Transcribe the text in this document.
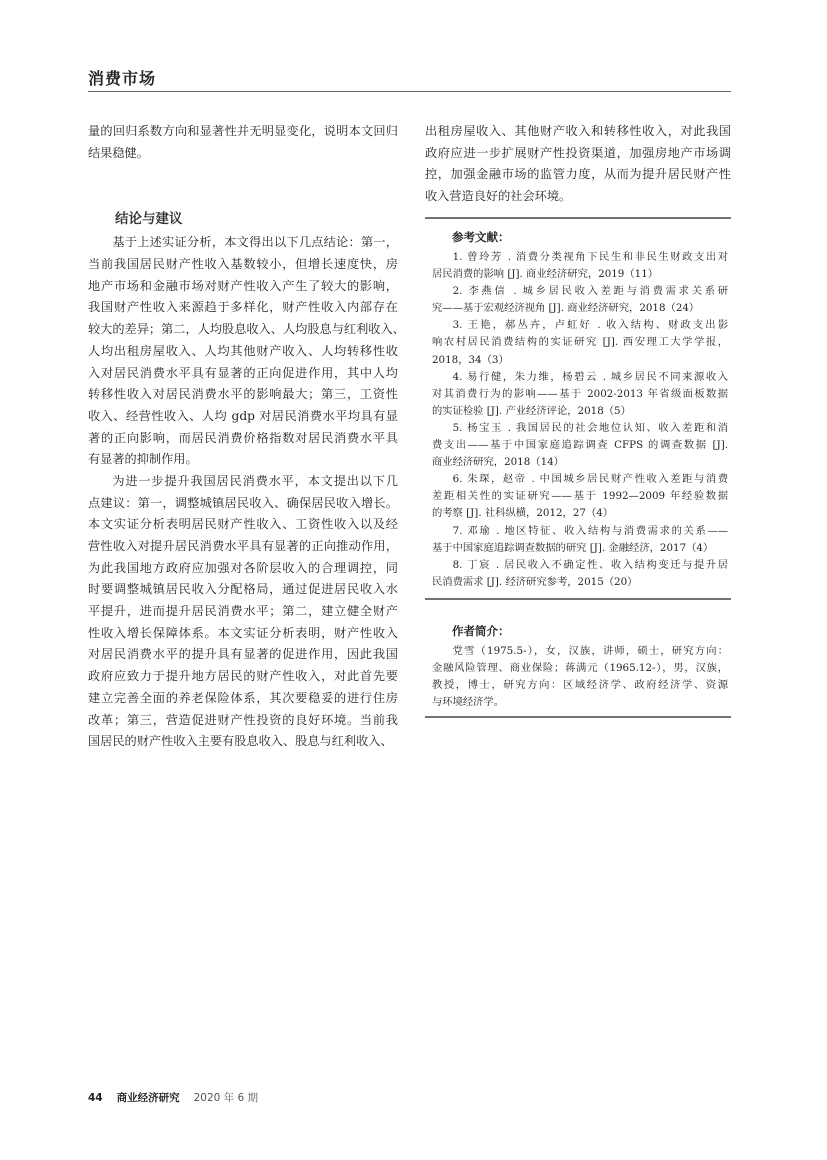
消费市场
量的回归系数方向和显著性并无明显变化，说明本文回归
结果稳健。
结论与建议
基于上述实证分析，本文得出以下几点结论：第一，
当前我国居民财产性收入基数较小，但增长速度快，房
地产市场和金融市场对财产性收入产生了较大的影响，
我国财产性收入来源趋于多样化，财产性收入内部存在
较大的差异；第二，人均股息收入、人均股息与红利收入、
人均出租房屋收入、人均其他财产收入、人均转移性收
入对居民消费水平具有显著的正向促进作用，其中人均
转移性收入对居民消费水平的影响最大；第三，工资性
收入、经营性收入、人均 gdp 对居民消费水平均具有显
著的正向影响，而居民消费价格指数对居民消费水平具
有显著的抑制作用。
为进一步提升我国居民消费水平，本文提出以下几
点建议：第一，调整城镇居民收入、确保居民收入增长。
本文实证分析表明居民财产性收入、工资性收入以及经
营性收入对提升居民消费水平具有显著的正向推动作用，
为此我国地方政府应加强对各阶层收入的合理调控，同
时要调整城镇居民收入分配格局，通过促进居民收入水
平提升，进而提升居民消费水平；第二，建立健全财产
性收入增长保障体系。本文实证分析表明，财产性收入
对居民消费水平的提升具有显著的促进作用，因此我国
政府应致力于提升地方居民的财产性收入，对此首先要
建立完善全面的养老保险体系，其次要稳妥的进行住房
改革；第三，营造促进财产性投资的良好环境。当前我
国居民的财产性收入主要有股息收入、股息与红利收入、
出租房屋收入、其他财产收入和转移性收入，对此我国
政府应进一步扩展财产性投资渠道，加强房地产市场调
控，加强金融市场的监管力度，从而为提升居民财产性
收入营造良好的社会环境。
参考文献：
1. 曾玲芳 . 消费分类视角下民生和非民生财政支出对
居民消费的影响 [J]. 商业经济研究，2019（11）
2. 李燕信 . 城乡居民收入差距与消费需求关系研
究——基于宏观经济视角 [J]. 商业经济研究，2018（24）
3. 王艳，郝丛卉，卢虹好 . 收入结构、财政支出影
响农村居民消费结构的实证研究 [J]. 西安理工大学学报，
2018，34（3）
4. 易行健，朱力维，杨碧云 . 城乡居民不同来源收入
对其消费行为的影响——基于 2002-2013 年省级面板数据
的实证检验 [J]. 产业经济评论，2018（5）
5. 杨宝玉 . 我国居民的社会地位认知、收入差距和消
费支出——基于中国家庭追踪调查 CFPS 的调查数据 [J].
商业经济研究，2018（14）
6. 朱琛，赵帝 . 中国城乡居民财产性收入差距与消费
差距相关性的实证研究——基于 1992—2009 年经验数据
的考察 [J]. 社科纵横，2012，27（4）
7. 邓瑜 . 地区特征、收入结构与消费需求的关系——
基于中国家庭追踪调查数据的研究 [J]. 金融经济，2017（4）
8. 丁宸 . 居民收入不确定性、收入结构变迁与提升居
民消费需求 [J]. 经济研究参考，2015（20）
作者简介：
党雪（1975.5-），女，汉族，讲师，硕士，研究方向：
金融风险管理、商业保险；蒋满元（1965.12-），男，汉族，
教授，博士，研究方向：区域经济学、政府经济学、资源
与环境经济学。
44 商业经济研究 2020 年 6 期
